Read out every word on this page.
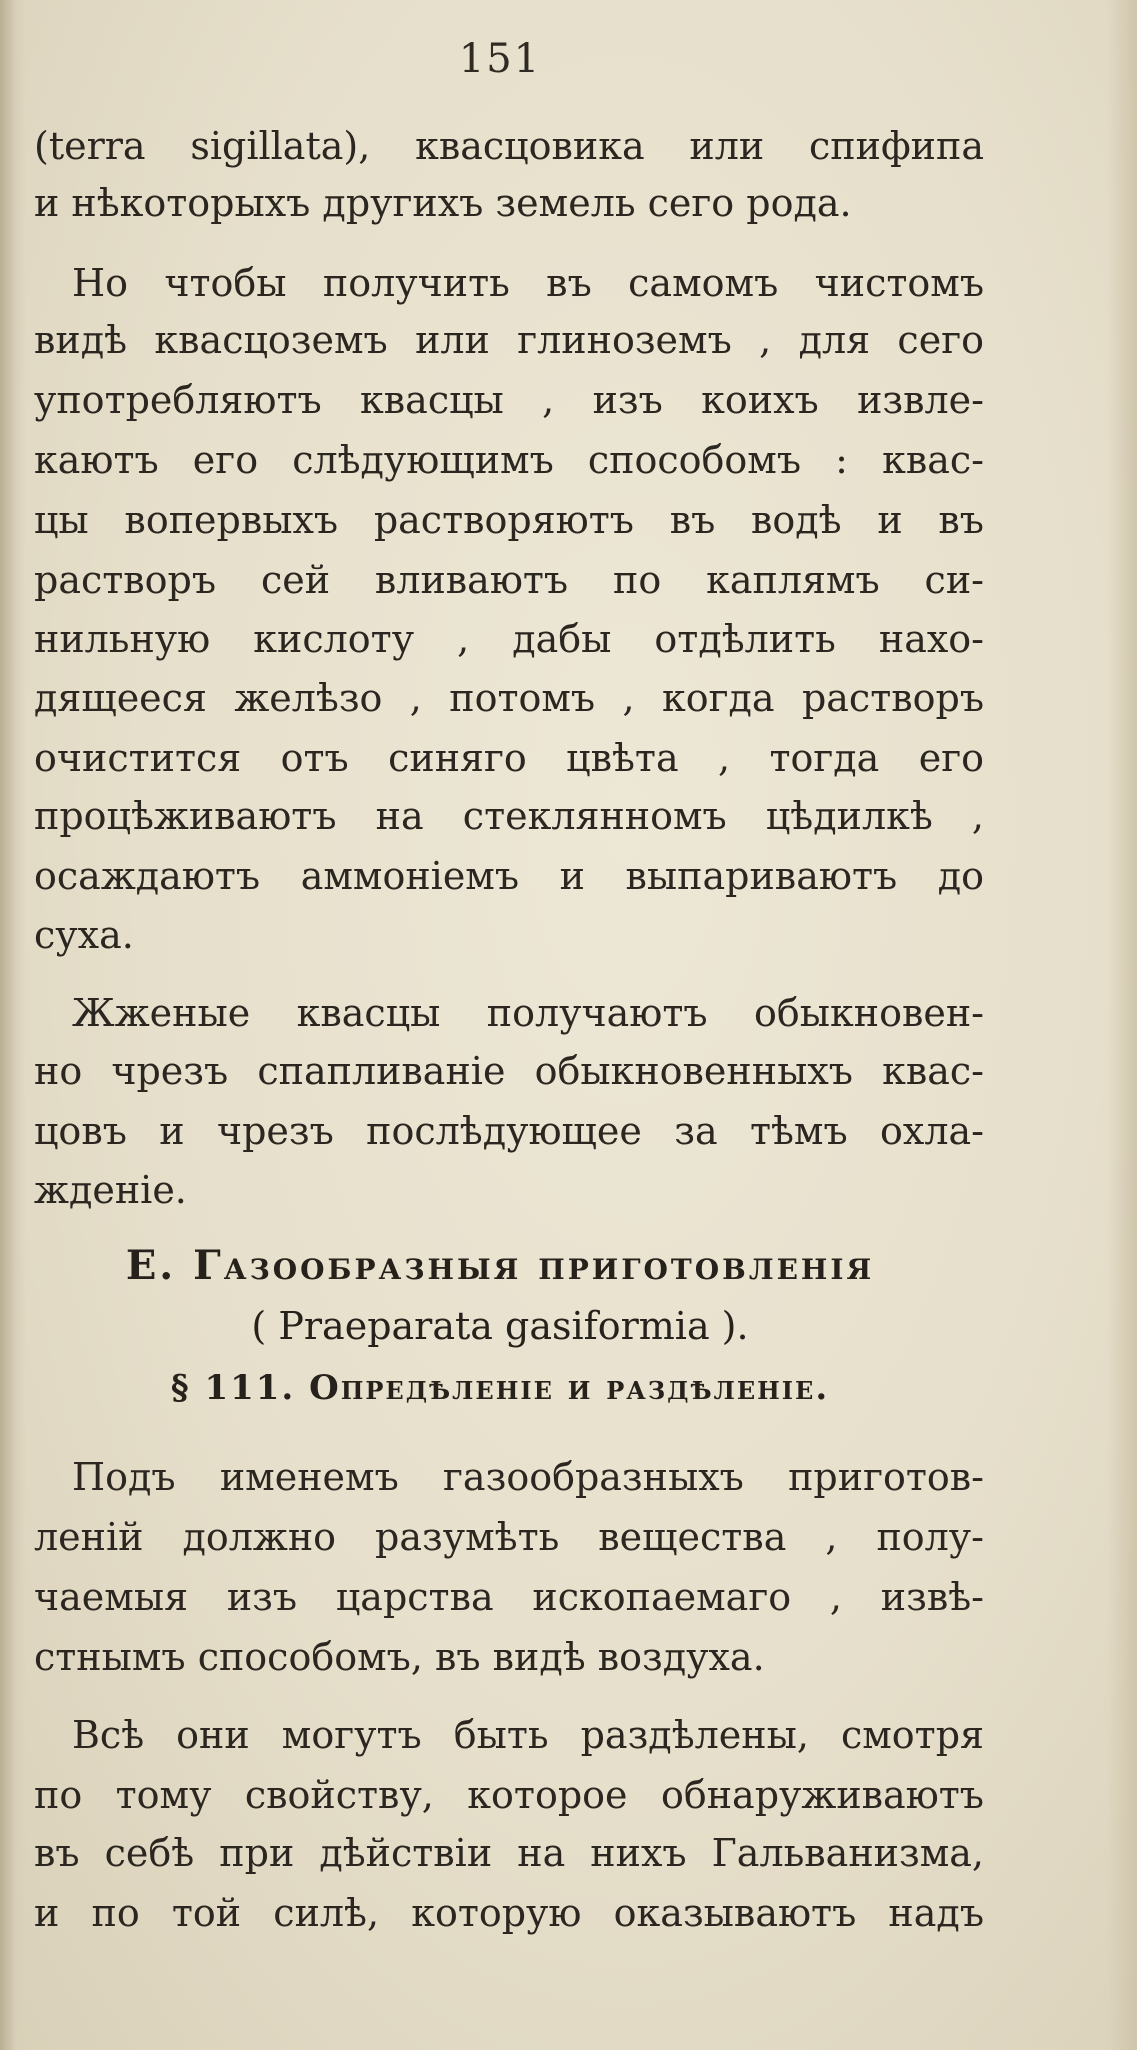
151
(terra sigillata), квасцовика или спифипа
и нѣкоторыхъ другихъ земель сего рода.
Но чтобы получить въ самомъ чистомъ
видѣ квасцоземъ или глиноземъ , для сего
употребляютъ квасцы , изъ коихъ извле-
каютъ его слѣдующимъ способомъ : квас-
цы вопервыхъ растворяютъ въ водѣ и въ
растворъ сей вливаютъ по каплямъ си-
нильную кислоту , дабы отдѣлить нахо-
дящееся желѣзо , потомъ , когда растворъ
очистится отъ синяго цвѣта , тогда его
процѣживаютъ на стеклянномъ цѣдилкѣ ,
осаждаютъ аммоніемъ и выпариваютъ до
суха.
Жженые квасцы получаютъ обыкновен-
но чрезъ спапливаніе обыкновенныхъ квас-
цовъ и чрезъ послѣдующее за тѣмъ охла-
жденіе.
E. Газообразныя приготовленія
( Praeparata gasiformia ).
§ 111. Опредѣленіе и раздѣленіе.
Подъ именемъ газообразныхъ приготов-
леній должно разумѣть вещества , полу-
чаемыя изъ царства ископаемаго , извѣ-
стнымъ способомъ, въ видѣ воздуха.
Всѣ они могутъ быть раздѣлены, смотря
по тому свойству, которое обнаруживаютъ
въ себѣ при дѣйствіи на нихъ Гальванизма,
и по той силѣ, которую оказываютъ надъ
